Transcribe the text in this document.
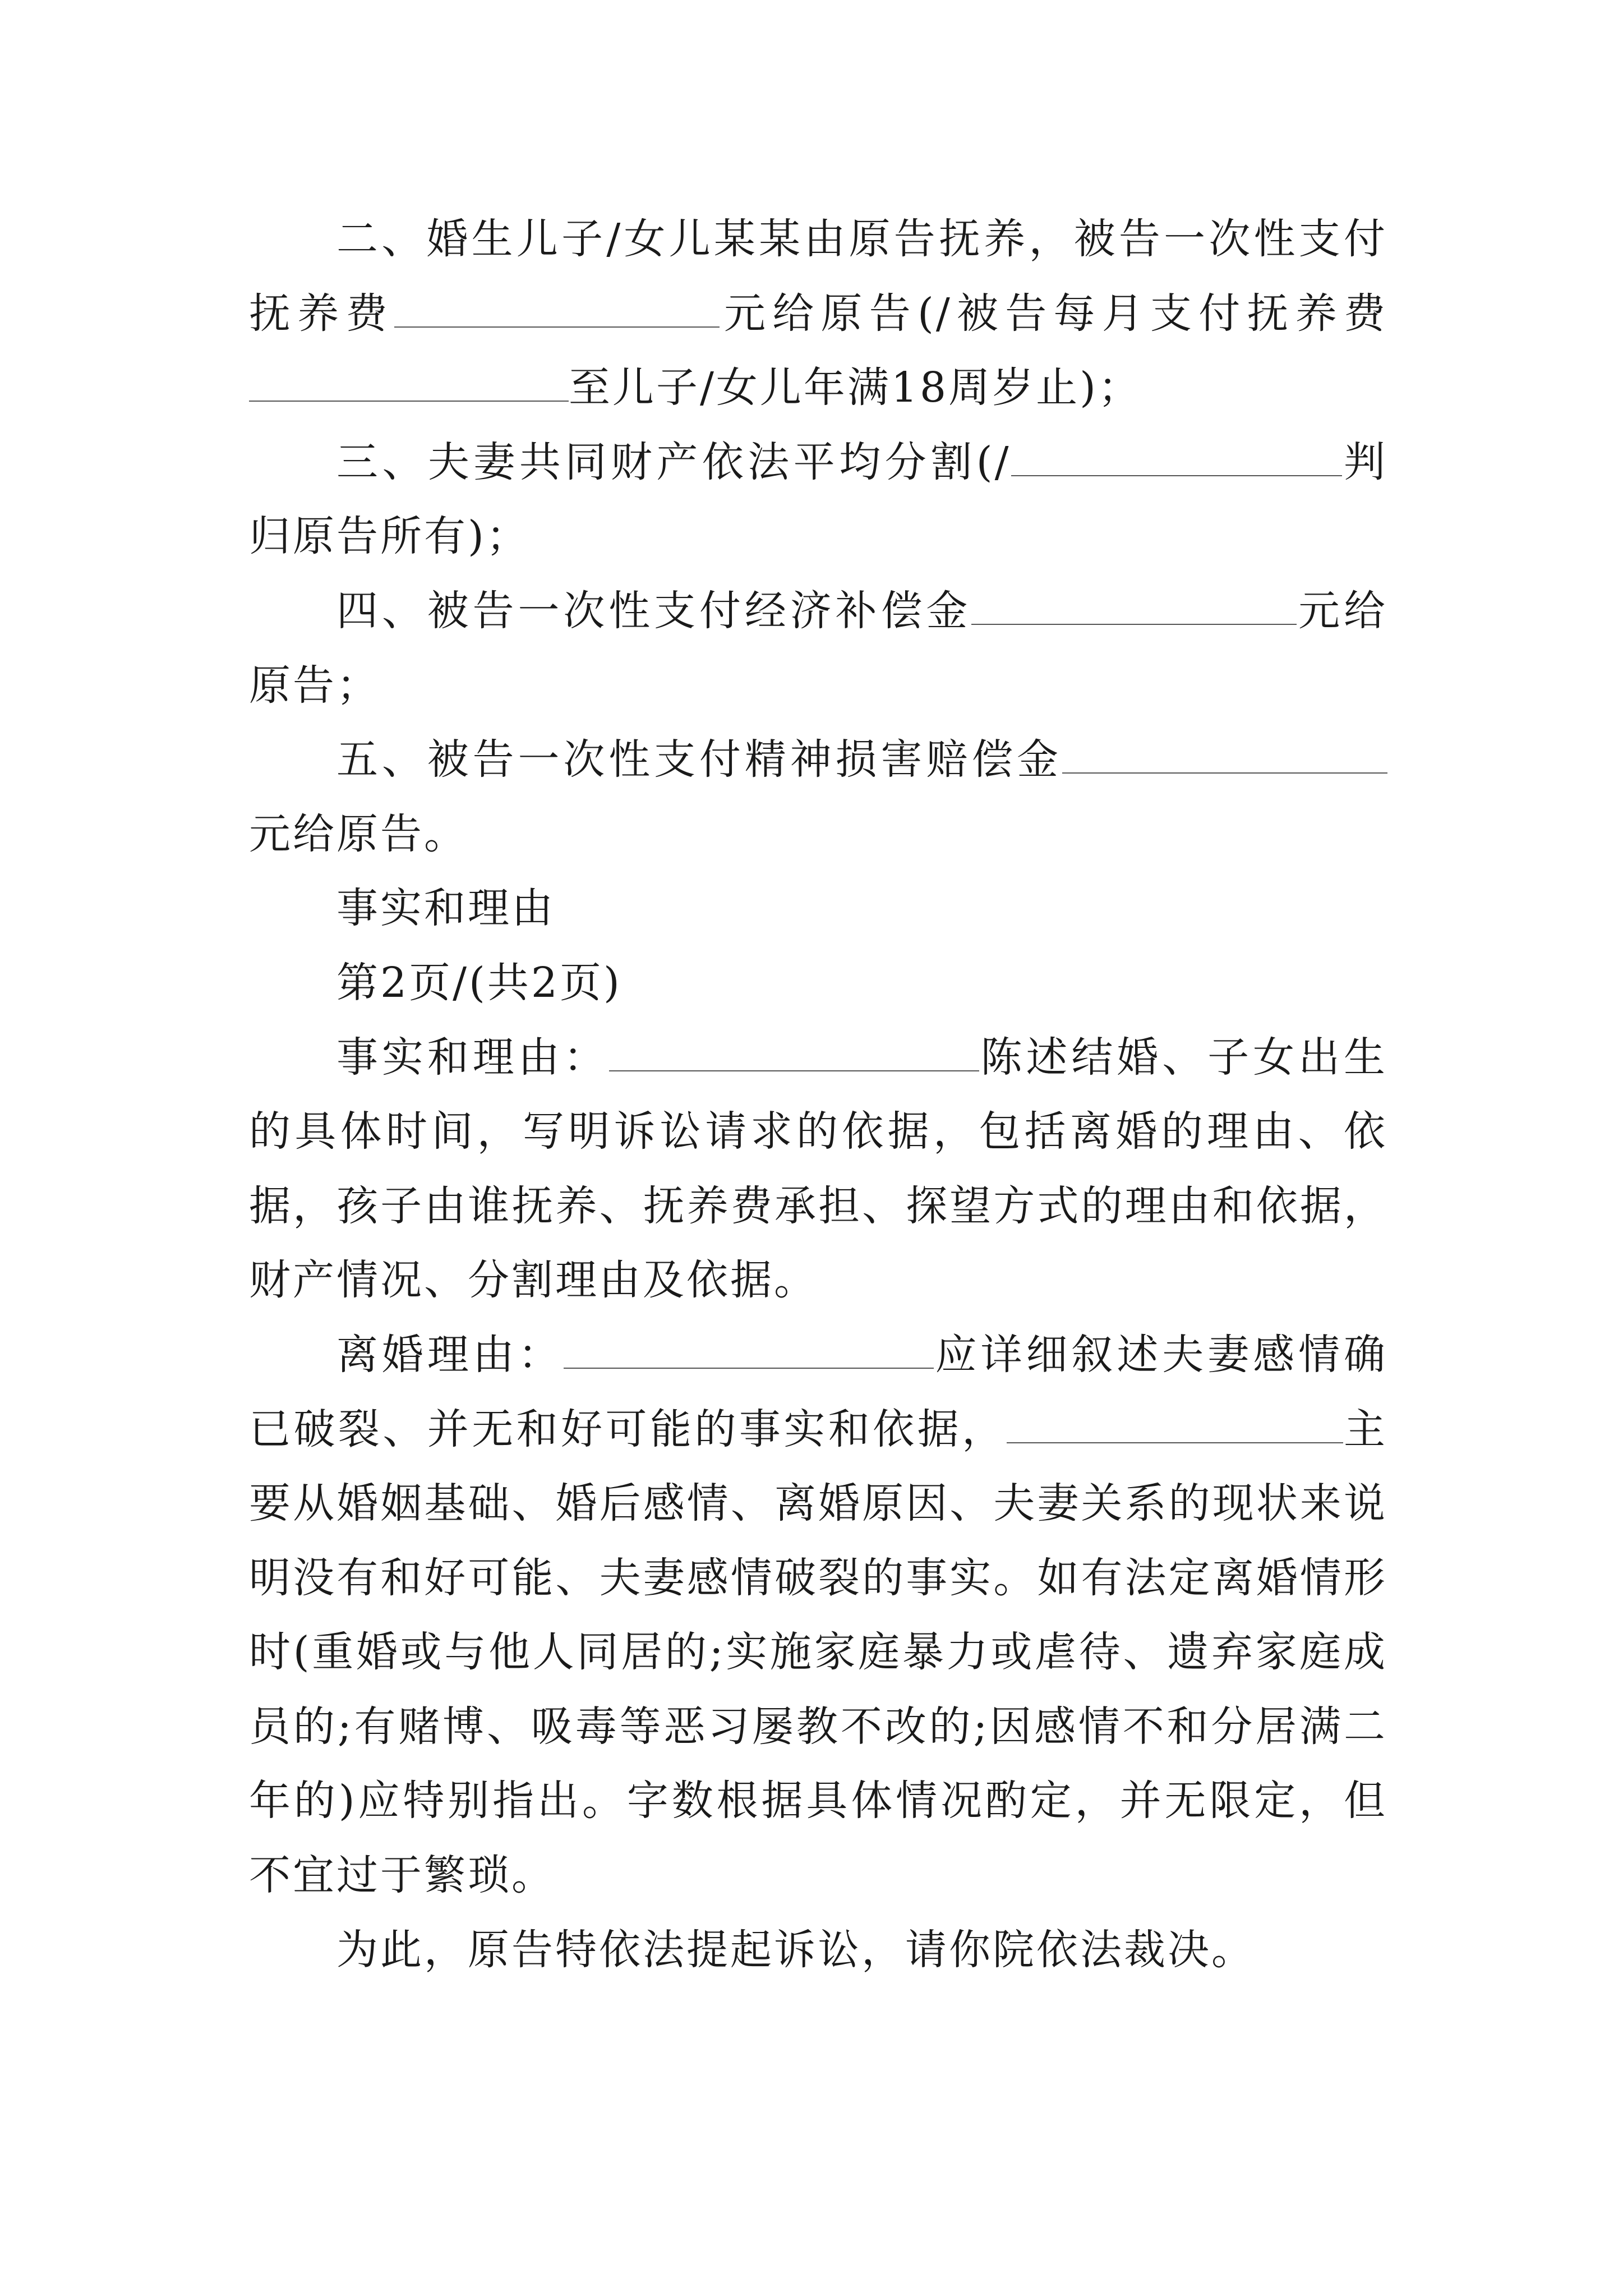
二、婚生儿子/女儿某某由原告抚养，被告一次性支付抚养费	元给原告(/被告每月支付抚养费至儿子/女儿年满18周岁止)；

三、夫妻共同财产依法平均分割(/	判归原告所有)；

四、被告一次性支付经济补偿金	元给原告；

五、被告一次性支付精神损害赔偿金元给原告。

事实和理由

第2页/(共2页)

事实和理由：	陈述结婚、子女出生的具体时间，写明诉讼请求的依据，包括离婚的理由、依据，孩子由谁抚养、抚养费承担、探望方式的理由和依据，财产情况、分割理由及依据。

离婚理由：	应详细叙述夫妻感情确已破裂、并无和好可能的事实和依据，	主要从婚姻基础、婚后感情、离婚原因、夫妻关系的现状来说明没有和好可能、夫妻感情破裂的事实。如有法定离婚情形时(重婚或与他人同居的;实施家庭暴力或虐待、遗弃家庭成员的;有赌博、吸毒等恶习屡教不改的;因感情不和分居满二年的)应特别指出。字数根据具体情况酌定，并无限定，但不宜过于繁琐。

为此，原告特依法提起诉讼，请你院依法裁决。
